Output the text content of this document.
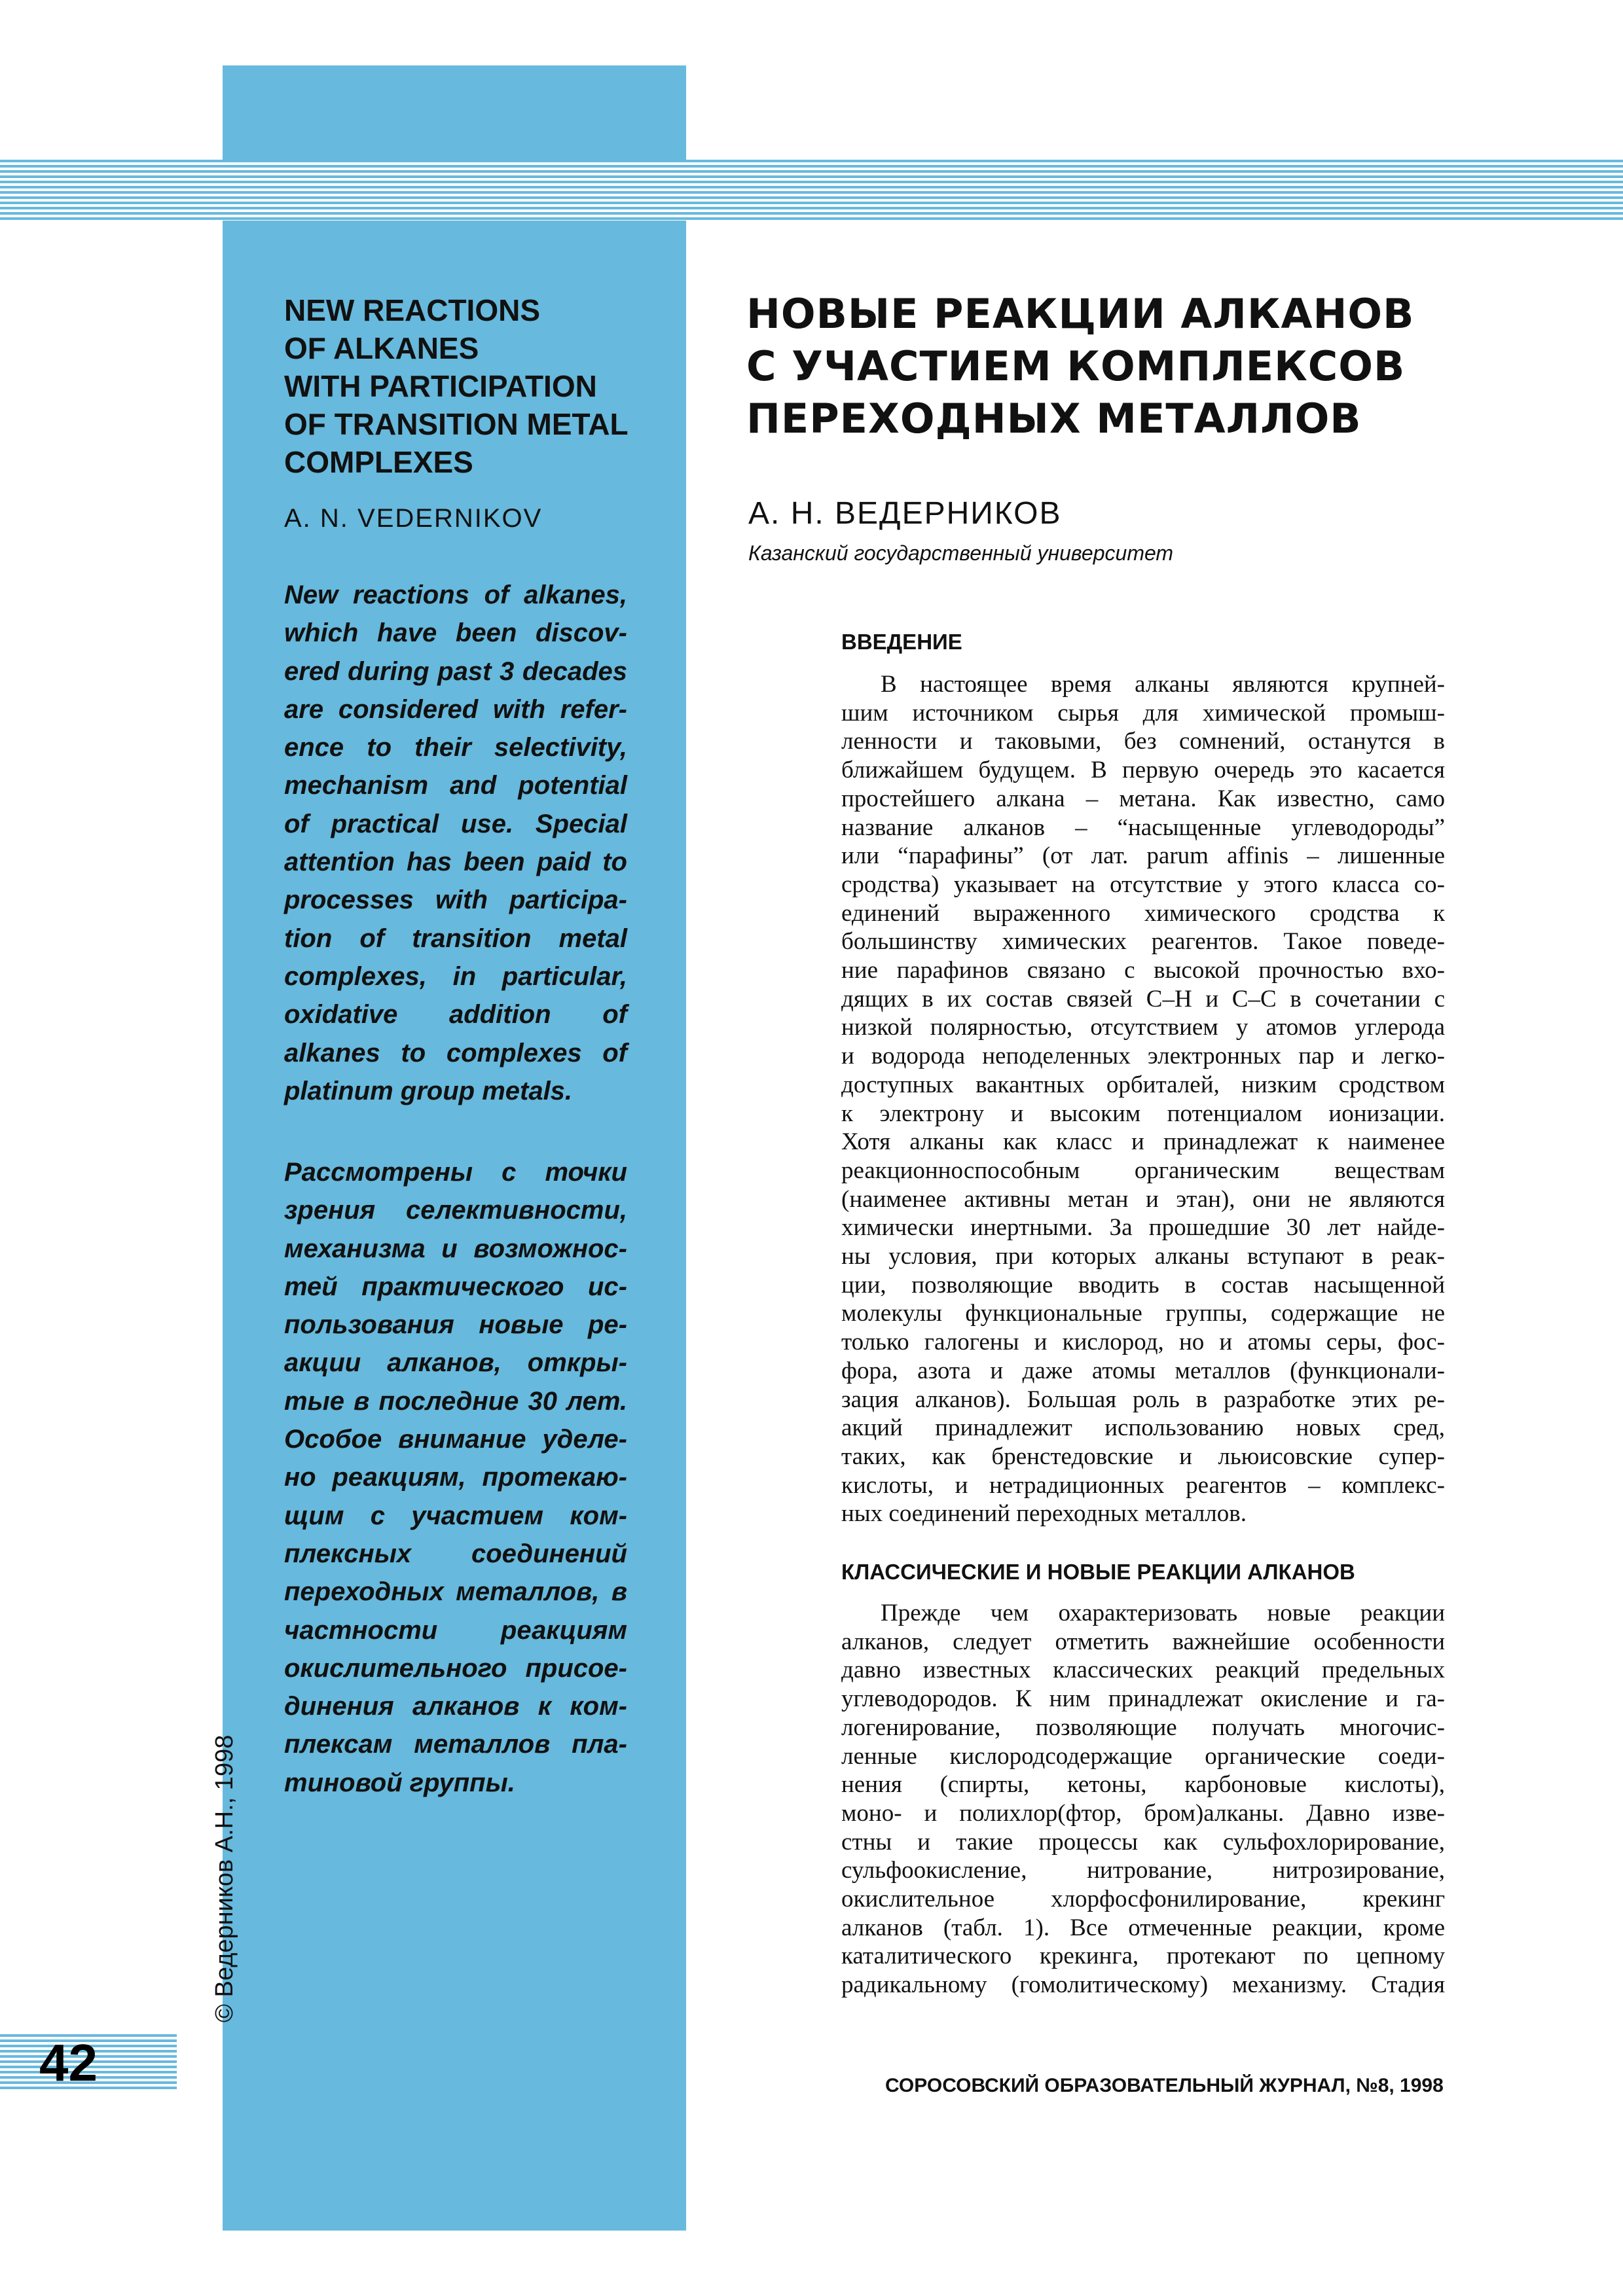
42
© Ведерников А.Н., 1998
NEW REACTIONS
OF ALKANES
WITH PARTICIPATION
OF TRANSITION METAL
COMPLEXES
A. N. VEDERNIKOV
New reactions of alkanes,
which have been discov-
ered during past 3 decades
are considered with refer-
ence to their selectivity,
mechanism and potential
of practical use. Special
attention has been paid to
processes with participa-
tion of transition metal
complexes, in particular,
oxidative addition of
alkanes to complexes of
platinum group metals.
Рассмотрены с точки
зрения селективности,
механизма и возможнос-
тей практического ис-
пользования новые ре-
акции алканов, откры-
тые в последние 30 лет.
Особое внимание уделе-
но реакциям, протекаю-
щим с участием ком-
плексных соединений
переходных металлов, в
частности реакциям
окислительного присое-
динения алканов к ком-
плексам металлов пла-
тиновой группы.
НОВЫЕ РЕАКЦИИ АЛКАНОВ
С УЧАСТИЕМ КОМПЛЕКСОВ
ПЕРЕХОДНЫХ МЕТАЛЛОВ
А. Н. ВЕДЕРНИКОВ
Казанский государственный университет
ВВЕДЕНИЕ
В настоящее время алканы являются крупней-
шим источником сырья для химической промыш-
ленности и таковыми, без сомнений, останутся в
ближайшем будущем. В первую очередь это касается
простейшего алкана – метана. Как известно, само
название алканов – “насыщенные углеводороды”
или “парафины” (от лат. parum affinis – лишенные
сродства) указывает на отсутствие у этого класса со-
единений выраженного химического сродства к
большинству химических реагентов. Такое поведе-
ние парафинов связано с высокой прочностью вхо-
дящих в их состав связей C–H и C–C в сочетании с
низкой полярностью, отсутствием у атомов углерода
и водорода неподеленных электронных пар и легко-
доступных вакантных орбиталей, низким сродством
к электрону и высоким потенциалом ионизации.
Хотя алканы как класс и принадлежат к наименее
реакционноспособным органическим веществам
(наименее активны метан и этан), они не являются
химически инертными. За прошедшие 30 лет найде-
ны условия, при которых алканы вступают в реак-
ции, позволяющие вводить в состав насыщенной
молекулы функциональные группы, содержащие не
только галогены и кислород, но и атомы серы, фос-
фора, азота и даже атомы металлов (функционали-
зация алканов). Большая роль в разработке этих ре-
акций принадлежит использованию новых сред,
таких, как бренстедовские и льюисовские супер-
кислоты, и нетрадиционных реагентов – комплекс-
ных соединений переходных металлов.
КЛАССИЧЕСКИЕ И НОВЫЕ РЕАКЦИИ АЛКАНОВ
Прежде чем охарактеризовать новые реакции
алканов, следует отметить важнейшие особенности
давно известных классических реакций предельных
углеводородов. К ним принадлежат окисление и га-
логенирование, позволяющие получать многочис-
ленные кислородсодержащие органические соеди-
нения (спирты, кетоны, карбоновые кислоты),
моно- и полихлор(фтор, бром)алканы. Давно изве-
стны и такие процессы как сульфохлорирование,
сульфоокисление, нитрование, нитрозирование,
окислительное хлорфосфонилирование, крекинг
алканов (табл. 1). Все отмеченные реакции, кроме
каталитического крекинга, протекают по цепному
радикальному (гомолитическому) механизму. Стадия
СОРОСОВСКИЙ ОБРАЗОВАТЕЛЬНЫЙ ЖУРНАЛ, №8, 1998
